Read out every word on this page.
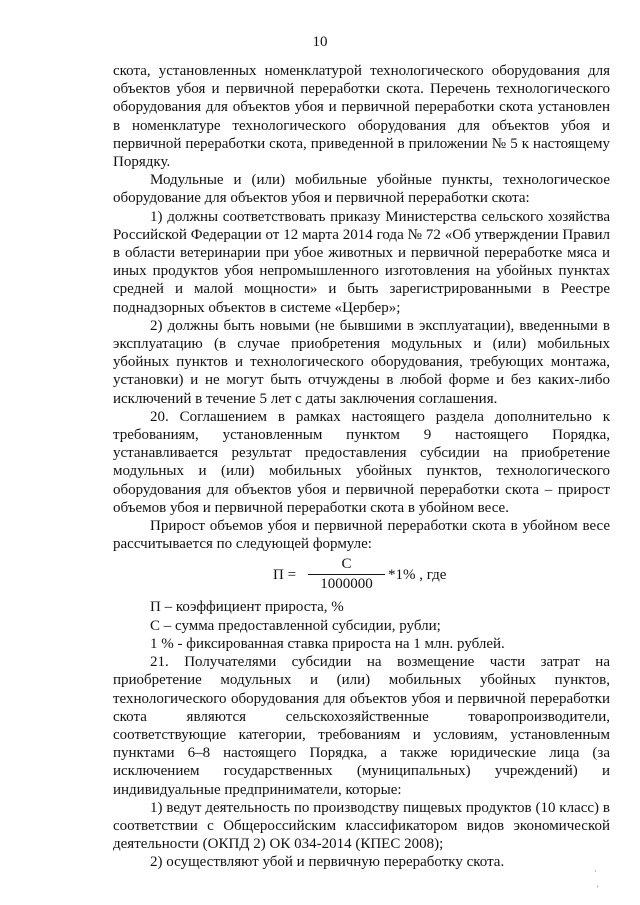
10

скота, установленных номенклатурой технологического оборудования для объектов убоя и первичной переработки скота. Перечень технологического оборудования для объектов убоя и первичной переработки скота установлен в номенклатуре технологического оборудования для объектов убоя и первичной переработки скота, приведенной в приложении № 5 к настоящему Порядку.

Модульные и (или) мобильные убойные пункты, технологическое оборудование для объектов убоя и первичной переработки скота:

1) должны соответствовать приказу Министерства сельского хозяйства Российской Федерации от 12 марта 2014 года № 72 «Об утверждении Правил в области ветеринарии при убое животных и первичной переработке мяса и иных продуктов убоя непромышленного изготовления на убойных пунктах средней и малой мощности» и быть зарегистрированными в Реестре поднадзорных объектов в системе «Цербер»;

2) должны быть новыми (не бывшими в эксплуатации), введенными в эксплуатацию (в случае приобретения модульных и (или) мобильных убойных пунктов и технологического оборудования, требующих монтажа, установки) и не могут быть отчуждены в любой форме и без каких-либо исключений в течение 5 лет с даты заключения соглашения.

20. Соглашением в рамках настоящего раздела дополнительно к требованиям, установленным пунктом 9 настоящего Порядка, устанавливается результат предоставления субсидии на приобретение модульных и (или) мобильных убойных пунктов, технологического оборудования для объектов убоя и первичной переработки скота – прирост объемов убоя и первичной переработки скота в убойном весе.

Прирост объемов убоя и первичной переработки скота в убойном весе рассчитывается по следующей формуле:

П =
С
1000000
*1% , где

П – коэффициент прироста, %

С – сумма предоставленной субсидии, рубли;

1 % - фиксированная ставка прироста на 1 млн. рублей.

21. Получателями субсидии на возмещение части затрат на приобретение модульных и (или) мобильных убойных пунктов, технологического оборудования для объектов убоя и первичной переработки скота являются сельскохозяйственные товаропроизводители, соответствующие категории, требованиям и условиям, установленным пунктами 6–8 настоящего Порядка, а также юридические лица (за исключением государственных (муниципальных) учреждений) и индивидуальные предприниматели, которые:

1) ведут деятельность по производству пищевых продуктов (10 класс) в соответствии с Общероссийским классификатором видов экономической деятельности (ОКПД 2) ОК 034-2014 (КПЕС 2008);

2) осуществляют убой и первичную переработку скота.

·
'
